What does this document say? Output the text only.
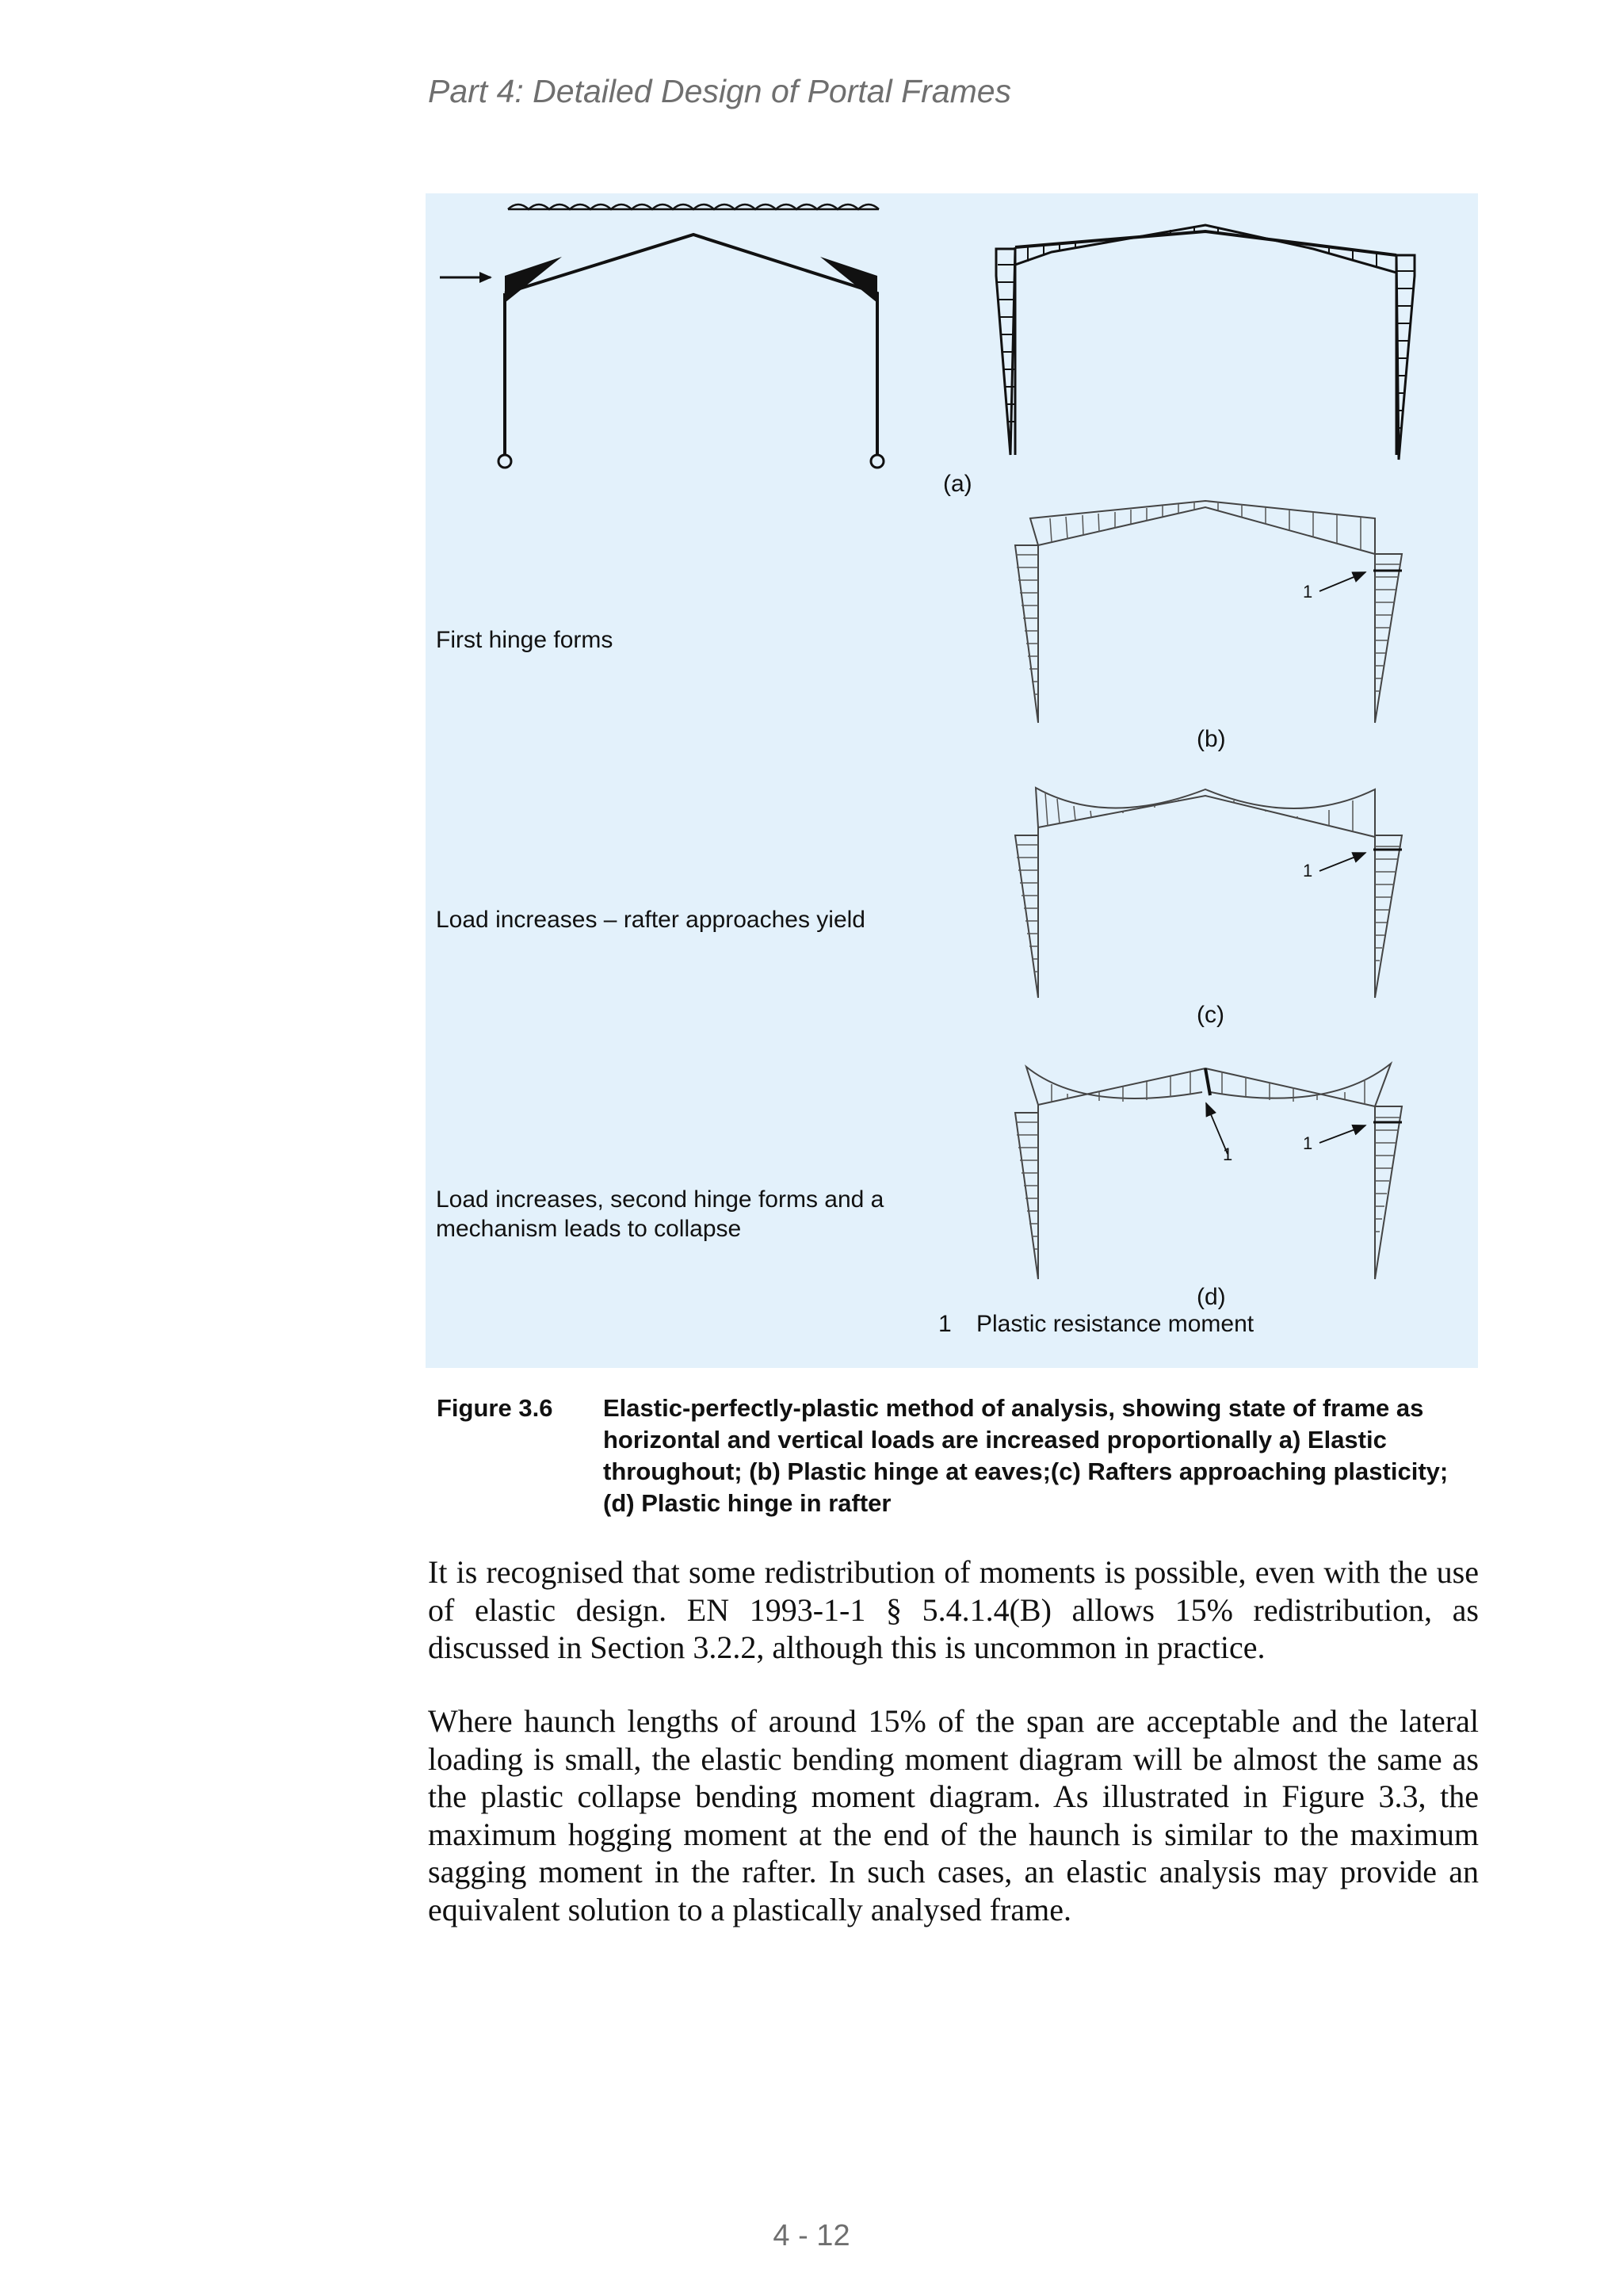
Part 4: Detailed Design of Portal Frames
(a)
(b)
(c)
(d)
1
1
1
1
First hinge forms
Load increases – rafter approaches yield
Load increases, second hinge forms and a mechanism leads to collapse
1 Plastic resistance moment
Figure 3.6 Elastic-perfectly-plastic method of analysis, showing state of frame as horizontal and vertical loads are increased proportionally a) Elastic throughout; (b) Plastic hinge at eaves;(c) Rafters approaching plasticity; (d) Plastic hinge in rafter

It is recognised that some redistribution of moments is possible, even with the use of elastic design. EN 1993-1-1 § 5.4.1.4(B) allows 15% redistribution, as discussed in Section 3.2.2, although this is uncommon in practice.

Where haunch lengths of around 15% of the span are acceptable and the lateral loading is small, the elastic bending moment diagram will be almost the same as the plastic collapse bending moment diagram. As illustrated in Figure 3.3, the maximum hogging moment at the end of the haunch is similar to the maximum sagging moment in the rafter. In such cases, an elastic analysis may provide an equivalent solution to a plastically analysed frame.

4 - 12
